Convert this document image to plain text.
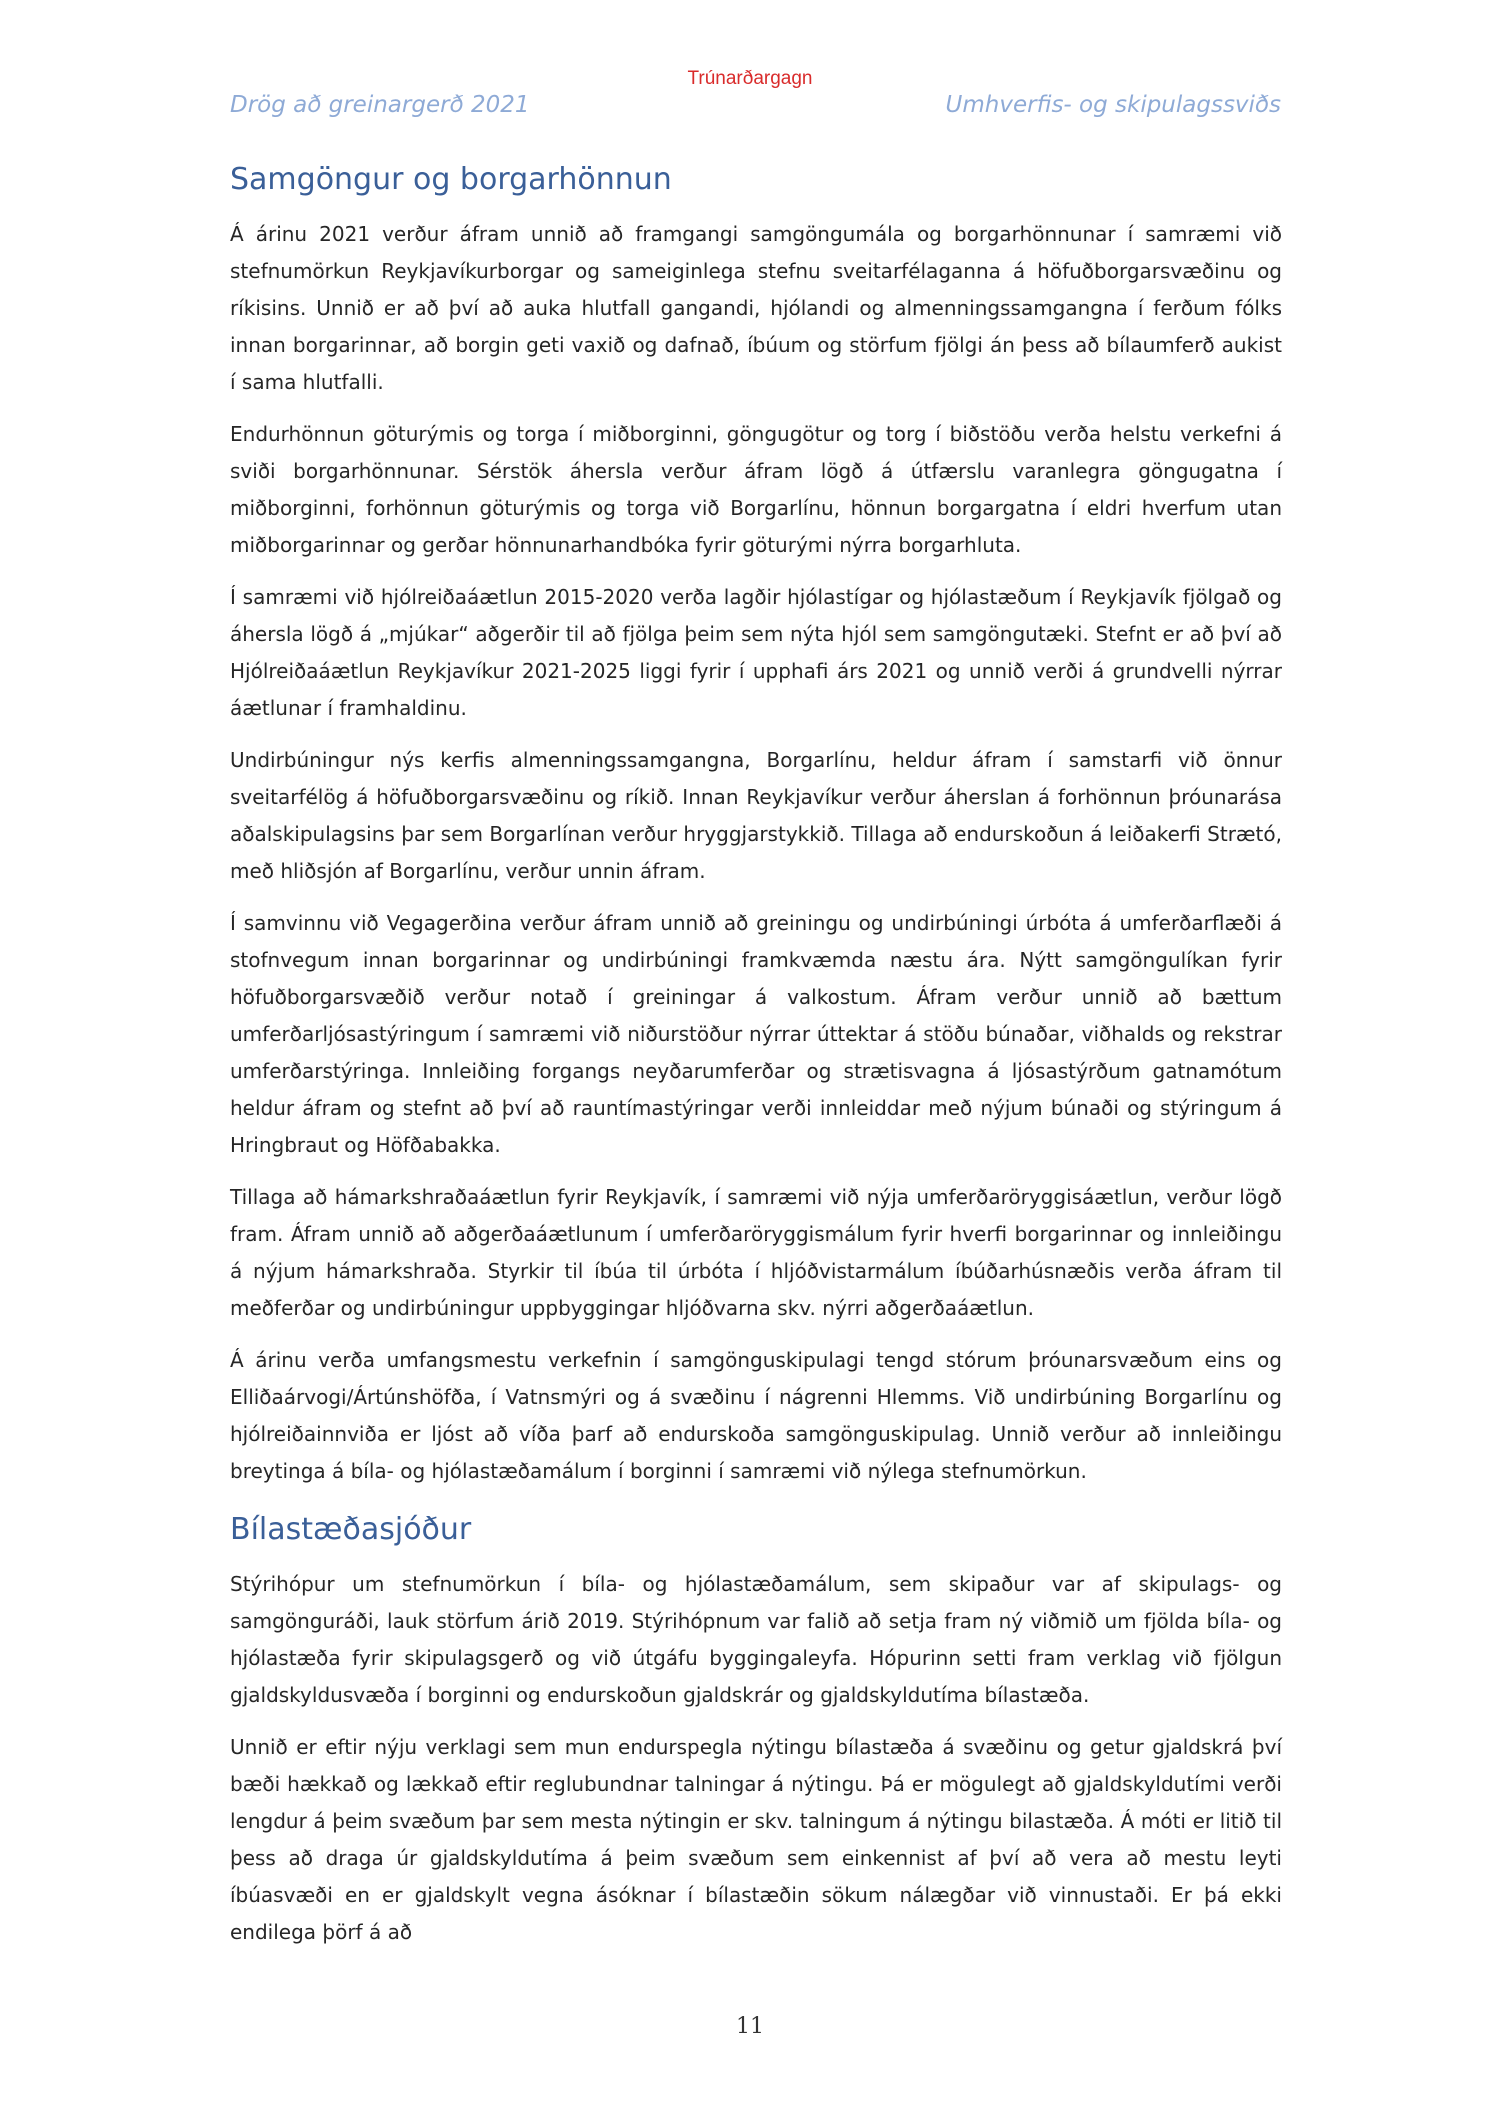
Trúnarðargagn
Drög að greinargerð 2021	Umhverfis- og skipulagssviðs
Samgöngur og borgarhönnun

Á árinu 2021 verður áfram unnið að framgangi samgöngumála og borgarhönnunar í samræmi við stefnumörkun Reykjavíkurborgar og sameiginlega stefnu sveitarfélaganna á höfuðborgarsvæðinu og ríkisins. Unnið er að því að auka hlutfall gangandi, hjólandi og almenningssamgangna í ferðum fólks innan borgarinnar, að borgin geti vaxið og dafnað, íbúum og störfum fjölgi án þess að bílaumferð aukist í sama hlutfalli.

Endurhönnun göturýmis og torga í miðborginni, göngugötur og torg í biðstöðu verða helstu verkefni á sviði borgarhönnunar. Sérstök áhersla verður áfram lögð á útfærslu varanlegra göngugatna í miðborginni, forhönnun göturýmis og torga við Borgarlínu, hönnun borgargatna í eldri hverfum utan miðborgarinnar og gerðar hönnunarhandbóka fyrir göturými nýrra borgarhluta.

Í samræmi við hjólreiðaáætlun 2015-2020 verða lagðir hjólastígar og hjólastæðum í Reykjavík fjölgað og áhersla lögð á „mjúkar“ aðgerðir til að fjölga þeim sem nýta hjól sem samgöngutæki. Stefnt er að því að Hjólreiðaáætlun Reykjavíkur 2021-2025 liggi fyrir í upphafi árs 2021 og unnið verði á grundvelli nýrrar áætlunar í framhaldinu.

Undirbúningur nýs kerfis almenningssamgangna, Borgarlínu, heldur áfram í samstarfi við önnur sveitarfélög á höfuðborgarsvæðinu og ríkið. Innan Reykjavíkur verður áherslan á forhönnun þróunarása aðalskipulagsins þar sem Borgarlínan verður hryggjarstykkið. Tillaga að endurskoðun á leiðakerfi Strætó, með hliðsjón af Borgarlínu, verður unnin áfram.

Í samvinnu við Vegagerðina verður áfram unnið að greiningu og undirbúningi úrbóta á umferðarflæði á stofnvegum innan borgarinnar og undirbúningi framkvæmda næstu ára. Nýtt samgöngulíkan fyrir höfuðborgarsvæðið verður notað í greiningar á valkostum. Áfram verður unnið að bættum umferðarljósastýringum í samræmi við niðurstöður nýrrar úttektar á stöðu búnaðar, viðhalds og rekstrar umferðarstýringa. Innleiðing forgangs neyðarumferðar og strætisvagna á ljósastýrðum gatnamótum heldur áfram og stefnt að því að rauntímastýringar verði innleiddar með nýjum búnaði og stýringum á Hringbraut og Höfðabakka.

Tillaga að hámarkshraðaáætlun fyrir Reykjavík, í samræmi við nýja umferðaröryggisáætlun, verður lögð fram. Áfram unnið að aðgerðaáætlunum í umferðaröryggismálum fyrir hverfi borgarinnar og innleiðingu á nýjum hámarkshraða. Styrkir til íbúa til úrbóta í hljóðvistarmálum íbúðarhúsnæðis verða áfram til meðferðar og undirbúningur uppbyggingar hljóðvarna skv. nýrri aðgerðaáætlun.

Á árinu verða umfangsmestu verkefnin í samgönguskipulagi tengd stórum þróunarsvæðum eins og Elliðaárvogi/Ártúnshöfða, í Vatnsmýri og á svæðinu í nágrenni Hlemms. Við undirbúning Borgarlínu og hjólreiðainnviða er ljóst að víða þarf að endurskoða samgönguskipulag. Unnið verður að innleiðingu breytinga á bíla- og hjólastæðamálum í borginni í samræmi við nýlega stefnumörkun.

Bílastæðasjóður

Stýrihópur um stefnumörkun í bíla- og hjólastæðamálum, sem skipaður var af skipulags- og samgönguráði, lauk störfum árið 2019. Stýrihópnum var falið að setja fram ný viðmið um fjölda bíla- og hjólastæða fyrir skipulagsgerð og við útgáfu byggingaleyfa. Hópurinn setti fram verklag við fjölgun gjaldskyldusvæða í borginni og endurskoðun gjaldskrár og gjaldskyldutíma bílastæða.

Unnið er eftir nýju verklagi sem mun endurspegla nýtingu bílastæða á svæðinu og getur gjaldskrá því bæði hækkað og lækkað eftir reglubundnar talningar á nýtingu. Þá er mögulegt að gjaldskyldutími verði lengdur á þeim svæðum þar sem mesta nýtingin er skv. talningum á nýtingu bilastæða. Á móti er litið til þess að draga úr gjaldskyldutíma á þeim svæðum sem einkennist af því að vera að mestu leyti íbúasvæði en er gjaldskylt vegna ásóknar í bílastæðin sökum nálægðar við vinnustaði. Er þá ekki endilega þörf á að

11
